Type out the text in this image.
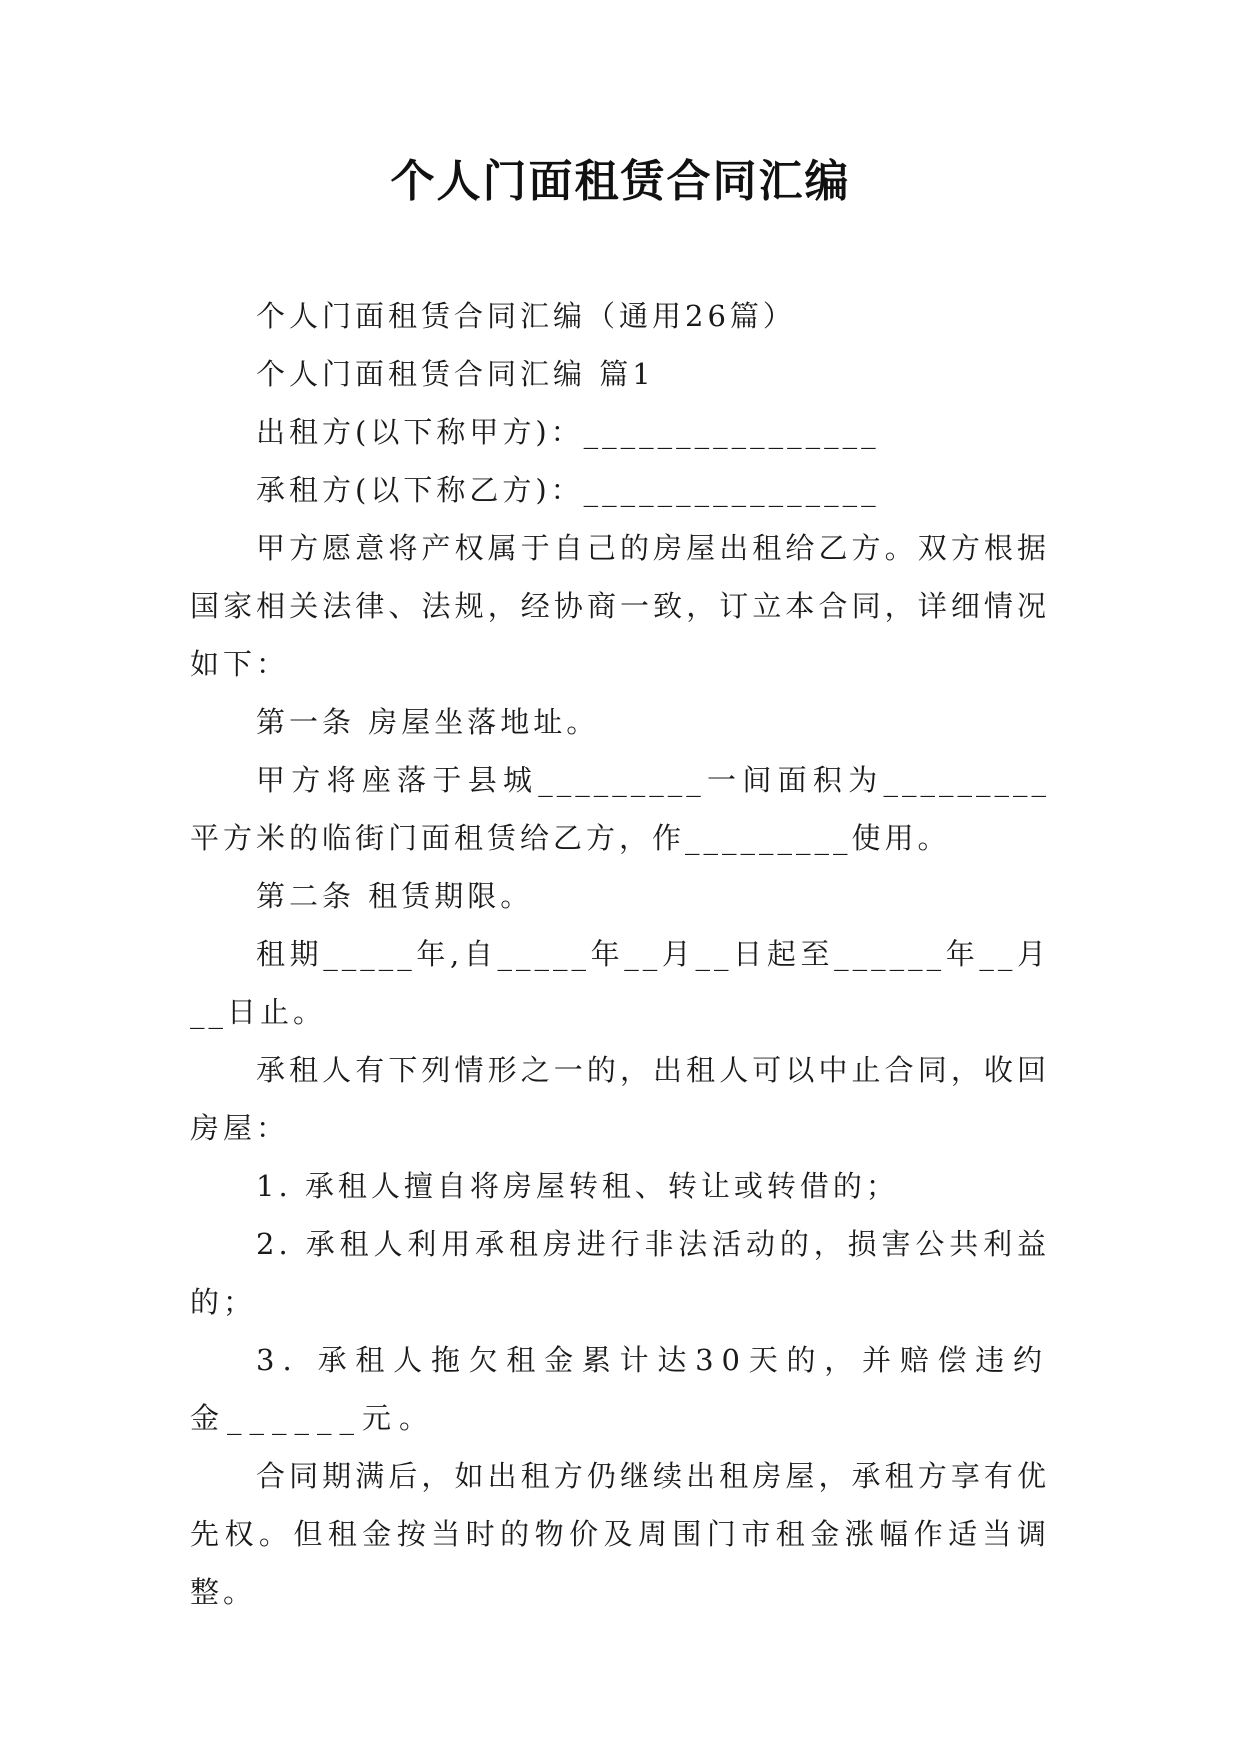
个人门面租赁合同汇编

个人门面租赁合同汇编（通用26篇）

个人门面租赁合同汇编 篇1

出租方(以下称甲方)：________________

承租方(以下称乙方)：________________

甲方愿意将产权属于自己的房屋出租给乙方。双方根据国家相关法律、法规，经协商一致，订立本合同，详细情况如下：

第一条 房屋坐落地址。

甲方将座落于县城_________一间面积为_________平方米的临街门面租赁给乙方，作_________使用。

第二条 租赁期限。

租期_____年,自_____年__月__日起至______年__月__日止。

承租人有下列情形之一的，出租人可以中止合同，收回房屋：

1. 承租人擅自将房屋转租、转让或转借的；

2. 承租人利用承租房进行非法活动的，损害公共利益的；

3. 承租人拖欠租金累计达30天的，并赔偿违约金______元。

合同期满后，如出租方仍继续出租房屋，承租方享有优先权。但租金按当时的物价及周围门市租金涨幅作适当调整。
